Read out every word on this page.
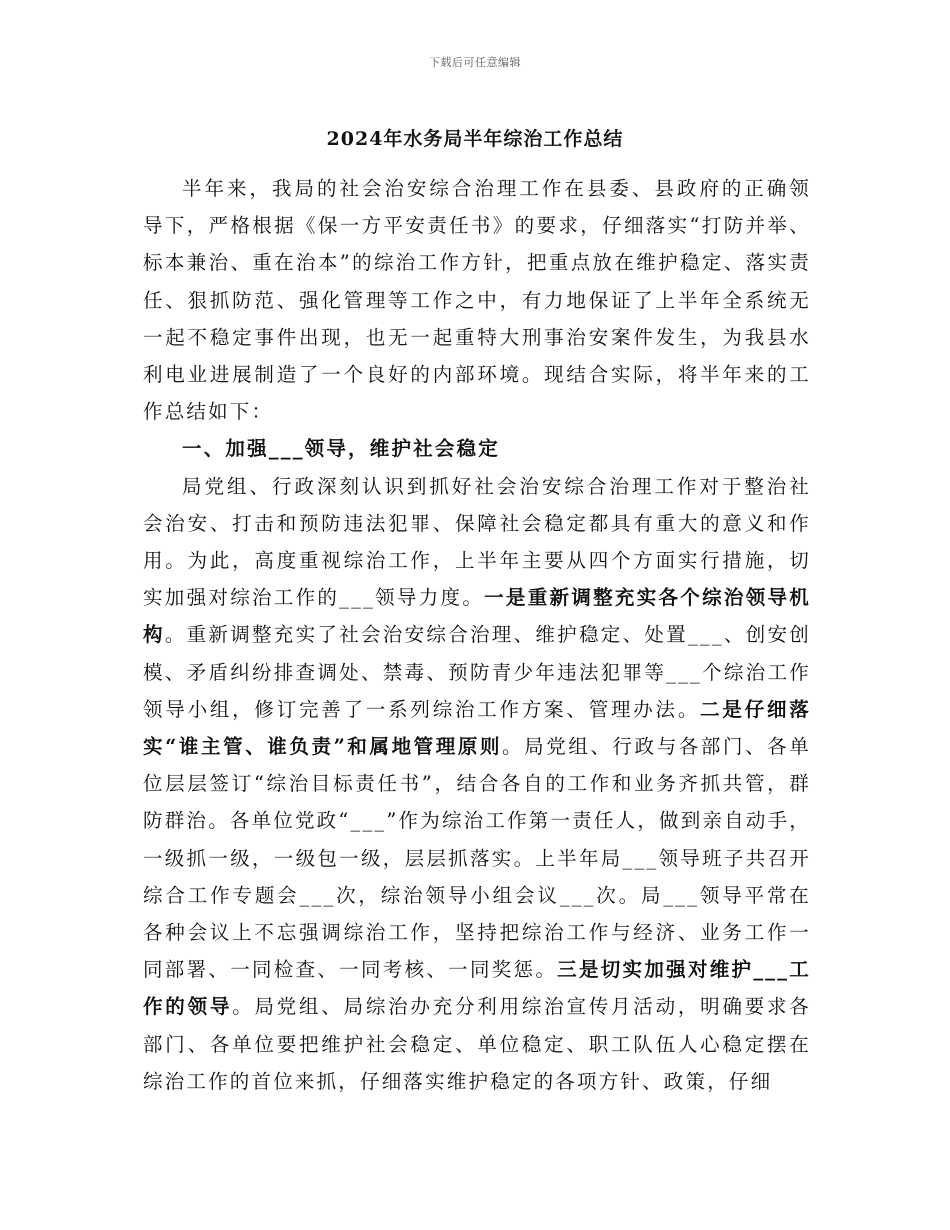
下载后可任意编辑
2024年水务局半年综治工作总结

半年来，我局的社会治安综合治理工作在县委、县政府的正确领导下，严格根据《保一方平安责任书》的要求，仔细落实“打防并举、标本兼治、重在治本”的综治工作方针，把重点放在维护稳定、落实责任、狠抓防范、强化管理等工作之中，有力地保证了上半年全系统无一起不稳定事件出现，也无一起重特大刑事治安案件发生，为我县水利电业进展制造了一个良好的内部环境。现结合实际，将半年来的工作总结如下：

一、加强___领导，维护社会稳定

局党组、行政深刻认识到抓好社会治安综合治理工作对于整治社会治安、打击和预防违法犯罪、保障社会稳定都具有重大的意义和作用。为此，高度重视综治工作，上半年主要从四个方面实行措施，切实加强对综治工作的___领导力度。一是重新调整充实各个综治领导机构。重新调整充实了社会治安综合治理、维护稳定、处置___、创安创模、矛盾纠纷排查调处、禁毒、预防青少年违法犯罪等___个综治工作领导小组，修订完善了一系列综治工作方案、管理办法。二是仔细落实“谁主管、谁负责”和属地管理原则。局党组、行政与各部门、各单位层层签订“综治目标责任书”，结合各自的工作和业务齐抓共管，群防群治。各单位党政“___”作为综治工作第一责任人，做到亲自动手，一级抓一级，一级包一级，层层抓落实。上半年局___领导班子共召开综合工作专题会___次，综治领导小组会议___次。局___领导平常在各种会议上不忘强调综治工作，坚持把综治工作与经济、业务工作一同部署、一同检查、一同考核、一同奖惩。三是切实加强对维护___工作的领导。局党组、局综治办充分利用综治宣传月活动，明确要求各部门、各单位要把维护社会稳定、单位稳定、职工队伍人心稳定摆在综治工作的首位来抓，仔细落实维护稳定的各项方针、政策，仔细
